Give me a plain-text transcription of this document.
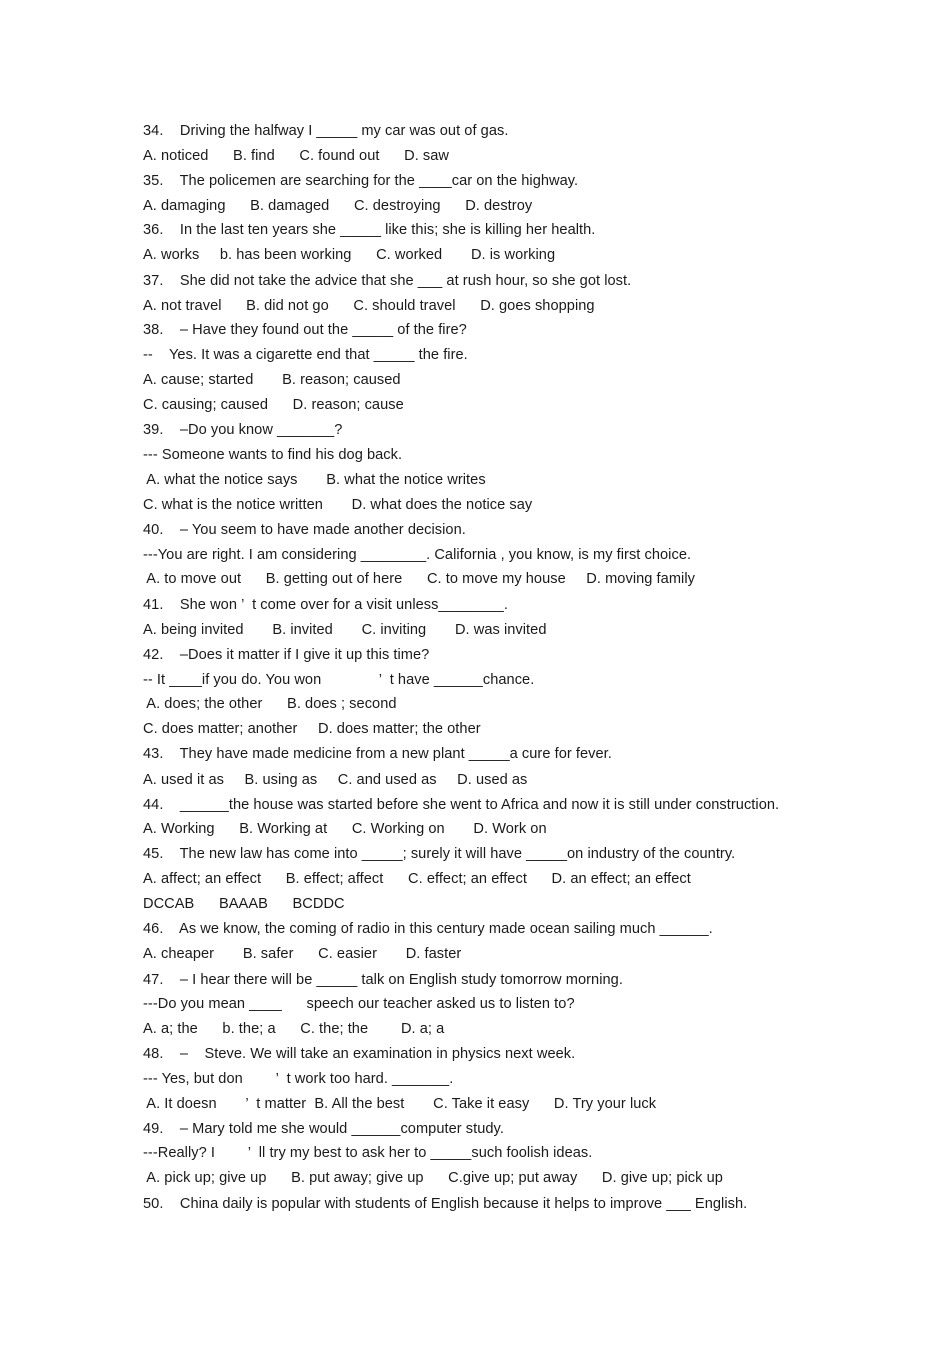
34.    Driving the halfway I _____ my car was out of gas.
A. noticed      B. find      C. found out      D. saw
35.    The policemen are searching for the ____car on the highway.
A. damaging      B. damaged      C. destroying      D. destroy
36.    In the last ten years she _____ like this; she is killing her health.
A. works     b. has been working      C. worked       D. is working
37.    She did not take the advice that she ___ at rush hour, so she got lost.
A. not travel      B. did not go      C. should travel      D. goes shopping
38.    – Have they found out the _____ of the fire?
--    Yes. It was a cigarette end that _____ the fire.
A. cause; started       B. reason; caused
C. causing; caused      D. reason; cause
39.    –Do you know _______?
--- Someone wants to find his dog back.
A. what the notice says       B. what the notice writes
C. what is the notice written       D. what does the notice say
40.    – You seem to have made another decision.
---You are right. I am considering ________. California , you know, is my first choice.
A. to move out      B. getting out of here      C. to move my house     D. moving family
41.    She won ’  t come over for a visit unless________.
A. being invited       B. invited       C. inviting       D. was invited
42.    –Does it matter if I give it up this time?
-- It ____if you do. You won              ’  t have ______chance.
A. does; the other      B. does ; second
C. does matter; another     D. does matter; the other
43.    They have made medicine from a new plant _____a cure for fever.
A. used it as     B. using as     C. and used as     D. used as
44.    ______the house was started before she went to Africa and now it is still under construction.
A. Working      B. Working at      C. Working on       D. Work on
45.    The new law has come into _____; surely it will have _____on industry of the country.
A. affect; an effect      B. effect; affect      C. effect; an effect      D. an effect; an effect
DCCAB      BAAAB      BCDDC
46.    As we know, the coming of radio in this century made ocean sailing much ______.
A. cheaper       B. safer      C. easier       D. faster
47.    – I hear there will be _____ talk on English study tomorrow morning.
---Do you mean ____      speech our teacher asked us to listen to?
A. a; the      b. the; a      C. the; the        D. a; a
48.    –    Steve. We will take an examination in physics next week.
--- Yes, but don        ’  t work too hard. _______.
A. It doesn       ’  t matter  B. All the best       C. Take it easy      D. Try your luck
49.    – Mary told me she would ______computer study.
---Really? I        ’  ll try my best to ask her to _____such foolish ideas.
A. pick up; give up      B. put away; give up      C.give up; put away      D. give up; pick up
50.    China daily is popular with students of English because it helps to improve ___ English.
